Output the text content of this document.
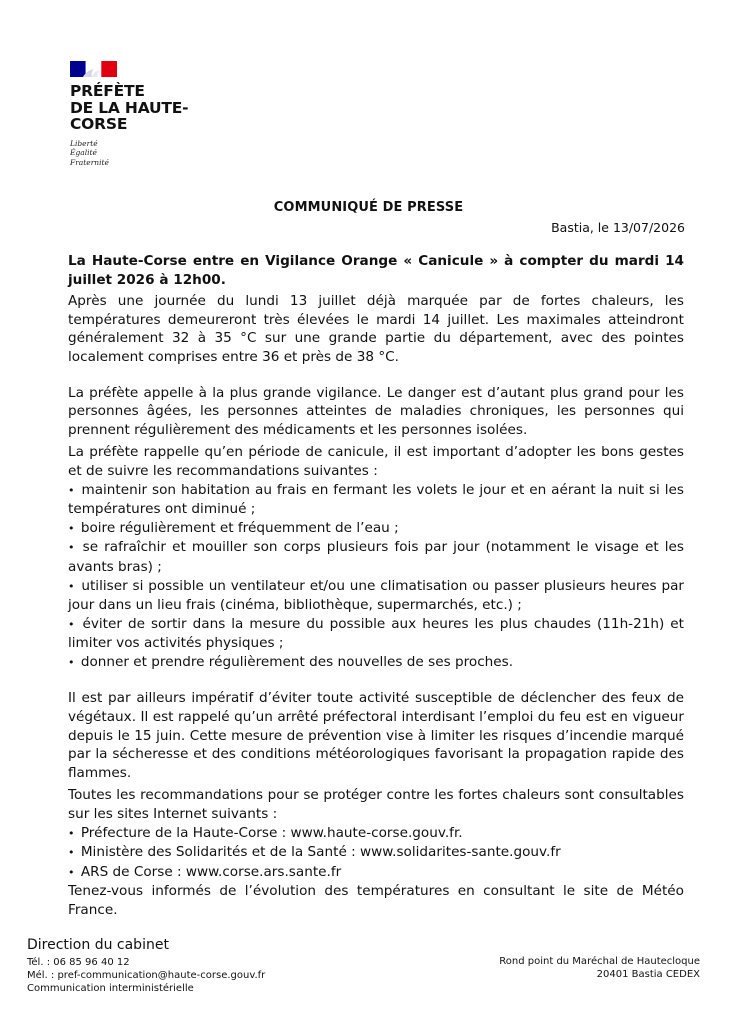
PRÉFÈTE
DE LA HAUTE-
CORSE
Liberté
Égalité
Fraternité
COMMUNIQUÉ DE PRESSE
Bastia, le 13/07/2026

La Haute-Corse entre en Vigilance Orange « Canicule » à compter du mardi 14 juillet 2026 à 12h00.

Après une journée du lundi 13 juillet déjà marquée par de fortes chaleurs, les températures demeureront très élevées le mardi 14 juillet. Les maximales atteindront généralement 32 à 35 °C sur une grande partie du département, avec des pointes localement comprises entre 36 et près de 38 °C.

La préfète appelle à la plus grande vigilance. Le danger est d’autant plus grand pour les personnes âgées, les personnes atteintes de maladies chroniques, les personnes qui prennent régulièrement des médicaments et les personnes isolées.

La préfète rappelle qu’en période de canicule, il est important d’adopter les bons gestes et de suivre les recommandations suivantes :

• maintenir son habitation au frais en fermant les volets le jour et en aérant la nuit si les températures ont diminué ;

• boire régulièrement et fréquemment de l’eau ;

• se rafraîchir et mouiller son corps plusieurs fois par jour (notamment le visage et les avants bras) ;

• utiliser si possible un ventilateur et/ou une climatisation ou passer plusieurs heures par jour dans un lieu frais (cinéma, bibliothèque, supermarchés, etc.) ;

• éviter de sortir dans la mesure du possible aux heures les plus chaudes (11h-21h) et limiter vos activités physiques ;

• donner et prendre régulièrement des nouvelles de ses proches.

Il est par ailleurs impératif d’éviter toute activité susceptible de déclencher des feux de végétaux. Il est rappelé qu’un arrêté préfectoral interdisant l’emploi du feu est en vigueur depuis le 15 juin. Cette mesure de prévention vise à limiter les risques d’incendie marqué par la sécheresse et des conditions météorologiques favorisant la propagation rapide des flammes.

Toutes les recommandations pour se protéger contre les fortes chaleurs sont consultables sur les sites Internet suivants :

• Préfecture de la Haute-Corse : www.haute-corse.gouv.fr.

• Ministère des Solidarités et de la Santé : www.solidarites-sante.gouv.fr

• ARS de Corse : www.corse.ars.sante.fr

Tenez-vous informés de l’évolution des températures en consultant le site de Météo France.

Direction du cabinet
Tél. : 06 85 96 40 12
Mél. : pref-communication@haute-corse.gouv.fr
Communication interministérielle
Rond point du Maréchal de Hautecloque
20401 Bastia CEDEX
